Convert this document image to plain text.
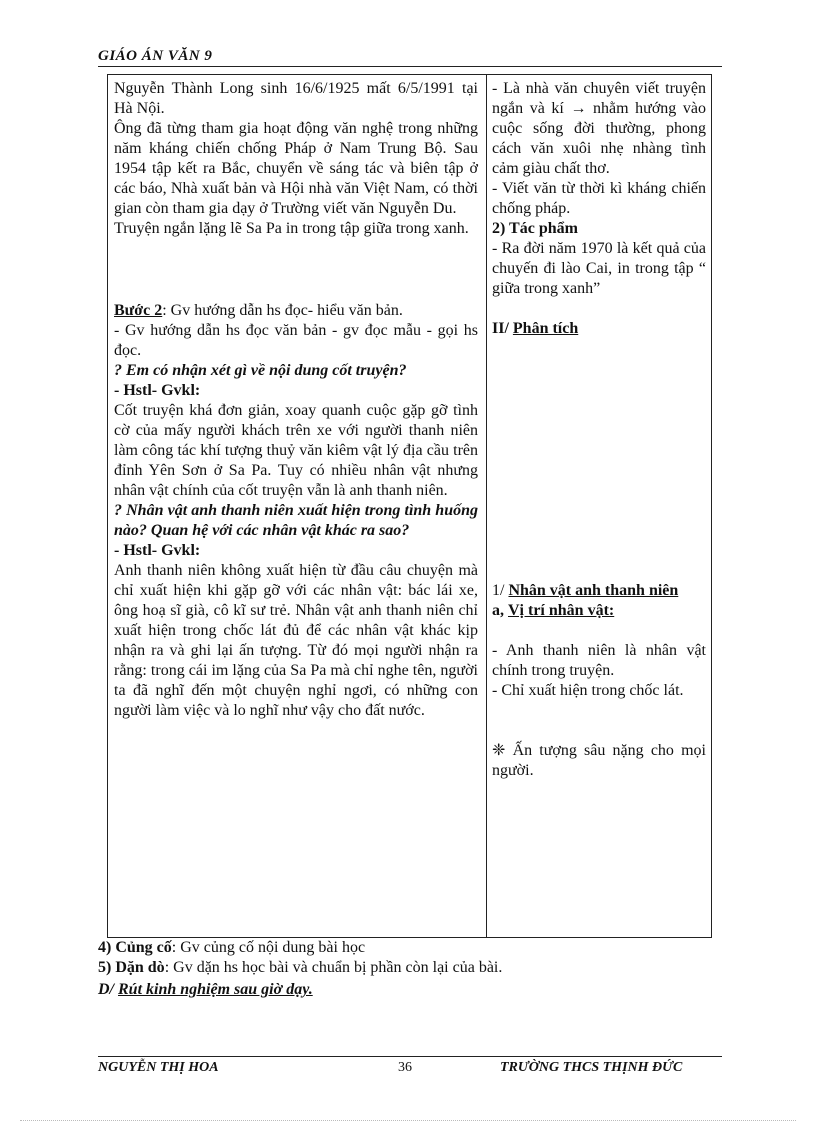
GIÁO ÁN VĂN 9

Nguyễn Thành Long sinh 16/6/1925 mất 6/5/1991 tại Hà Nội.

Ông đã từng tham gia hoạt động văn nghệ trong những năm kháng chiến chống Pháp ở Nam Trung Bộ. Sau 1954 tập kết ra Bắc, chuyển về sáng tác và biên tập ở các báo, Nhà xuất bản và Hội nhà văn Việt Nam, có thời gian còn tham gia dạy ở Trường viết văn Nguyễn Du.

Truyện ngắn lặng lẽ Sa Pa in trong tập giữa trong xanh.

Bước 2: Gv hướng dẫn hs đọc- hiểu văn bản.

- Gv hướng dẫn hs đọc văn bản - gv đọc mẫu - gọi hs đọc.

? Em có nhận xét gì về nội dung cốt truyện?

- Hstl- Gvkl:

Cốt truyện khá đơn giản, xoay quanh cuộc gặp gỡ tình cờ của mấy người khách trên xe với người thanh niên làm công tác khí tượng thuỷ văn kiêm vật lý địa cầu trên đỉnh Yên Sơn ở Sa Pa. Tuy có nhiều nhân vật nhưng nhân vật chính của cốt truyện vẫn là anh thanh niên.

? Nhân vật anh thanh niên xuất hiện trong tình huống nào? Quan hệ với các nhân vật khác ra sao?

- Hstl- Gvkl:

Anh thanh niên không xuất hiện từ đầu câu chuyện mà chỉ xuất hiện khi gặp gỡ với các nhân vật: bác lái xe, ông hoạ sĩ già, cô kĩ sư trẻ. Nhân vật anh thanh niên chỉ xuất hiện trong chốc lát đủ để các nhân vật khác kịp nhận ra và ghi lại ấn tượng. Từ đó mọi người nhận ra rằng: trong cái im lặng của Sa Pa mà chỉ nghe tên, người ta đã nghĩ đến một chuyện nghỉ ngơi, có những con người làm việc và lo nghĩ như vậy cho đất nước.

- Là nhà văn chuyên viết truyện ngắn và kí → nhằm hướng vào cuộc sống đời thường, phong cách văn xuôi nhẹ nhàng tình cảm giàu chất thơ.

- Viết văn từ thời kì kháng chiến chống pháp.

2) Tác phẩm

- Ra đời năm 1970 là kết quả của chuyến đi lào Cai, in trong tập “ giữa trong xanh”

II/ Phân tích

1/ Nhân vật anh thanh niên

a, Vị trí nhân vật:

- Anh thanh niên là nhân vật chính trong truyện.

- Chỉ xuất hiện trong chốc lát.

❈ Ấn tượng sâu nặng cho mọi người.

4) Củng cố: Gv củng cố nội dung bài học
5) Dặn dò: Gv dặn hs học bài và chuẩn bị phần còn lại của bài.
D/ Rút kinh nghiệm sau giờ dạy.
NGUYỄN THỊ HOA	36	TRƯỜNG THCS THỊNH ĐỨC
